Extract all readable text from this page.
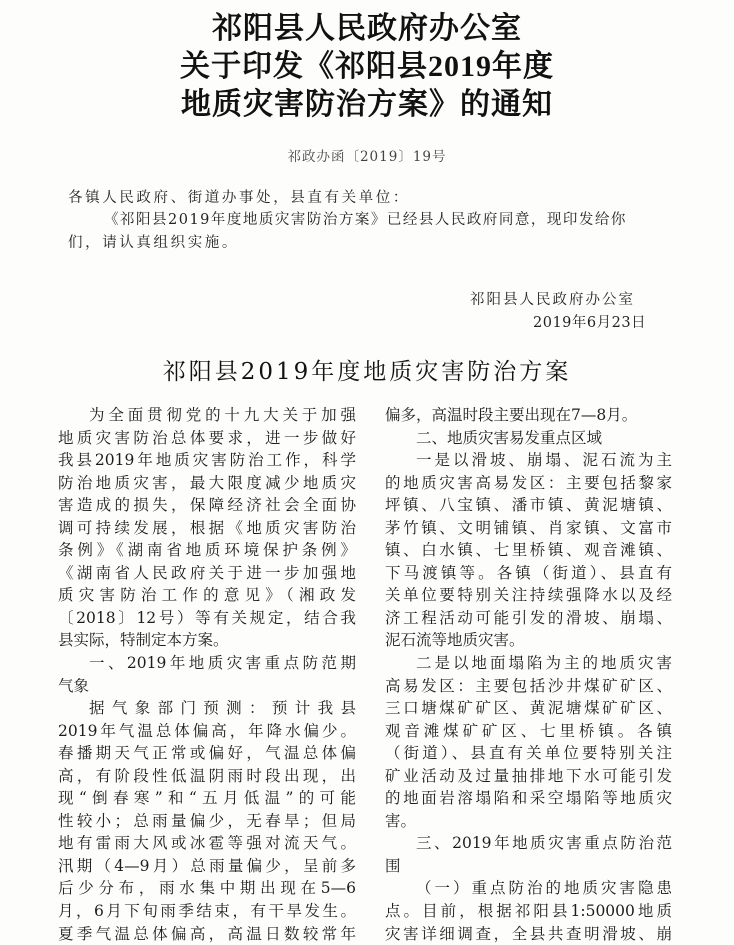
祁阳县人民政府办公室
关于印发《祁阳县2019年度
地质灾害防治方案》的通知
祁政办函〔2019〕19号
各镇人民政府、街道办事处，县直有关单位：
《祁阳县2019年度地质灾害防治方案》已经县人民政府同意，现印发给你
们，请认真组织实施。
祁阳县人民政府办公室
2019年6月23日
祁阳县2019年度地质灾害防治方案
为全面贯彻党的十九大关于加强
地质灾害防治总体要求，进一步做好
我县2019年地质灾害防治工作，科学
防治地质灾害，最大限度减少地质灾
害造成的损失，保障经济社会全面协
调可持续发展，根据《地质灾害防治
条例》《湖南省地质环境保护条例》
《湖南省人民政府关于进一步加强地
质灾害防治工作的意见》（湘政发
〔2018〕12号）等有关规定，结合我
县实际，特制定本方案。
一、2019年地质灾害重点防范期
气象
据气象部门预测：预计我县
2019年气温总体偏高，年降水偏少。
春播期天气正常或偏好，气温总体偏
高，有阶段性低温阴雨时段出现，出
现“倒春寒”和“五月低温”的可能
性较小；总雨量偏少，无春旱；但局
地有雷雨大风或冰雹等强对流天气。
汛期（4—9月）总雨量偏少，呈前多
后少分布，雨水集中期出现在5—6
月，6月下旬雨季结束，有干旱发生。
夏季气温总体偏高，高温日数较常年
偏多，高温时段主要出现在7—8月。
二、地质灾害易发重点区域
一是以滑坡、崩塌、泥石流为主
的地质灾害高易发区：主要包括黎家
坪镇、八宝镇、潘市镇、黄泥塘镇、
茅竹镇、文明铺镇、肖家镇、文富市
镇、白水镇、七里桥镇、观音滩镇、
下马渡镇等。各镇（街道）、县直有
关单位要特别关注持续强降水以及经
济工程活动可能引发的滑坡、崩塌、
泥石流等地质灾害。
二是以地面塌陷为主的地质灾害
高易发区：主要包括沙井煤矿矿区、
三口塘煤矿矿区、黄泥塘煤矿矿区、
观音滩煤矿矿区、七里桥镇。各镇
（街道）、县直有关单位要特别关注
矿业活动及过量抽排地下水可能引发
的地面岩溶塌陷和采空塌陷等地质灾
害。
三、2019年地质灾害重点防治范
围
（一）重点防治的地质灾害隐患
点。目前，根据祁阳县1:50000地质
灾害详细调查，全县共查明滑坡、崩
